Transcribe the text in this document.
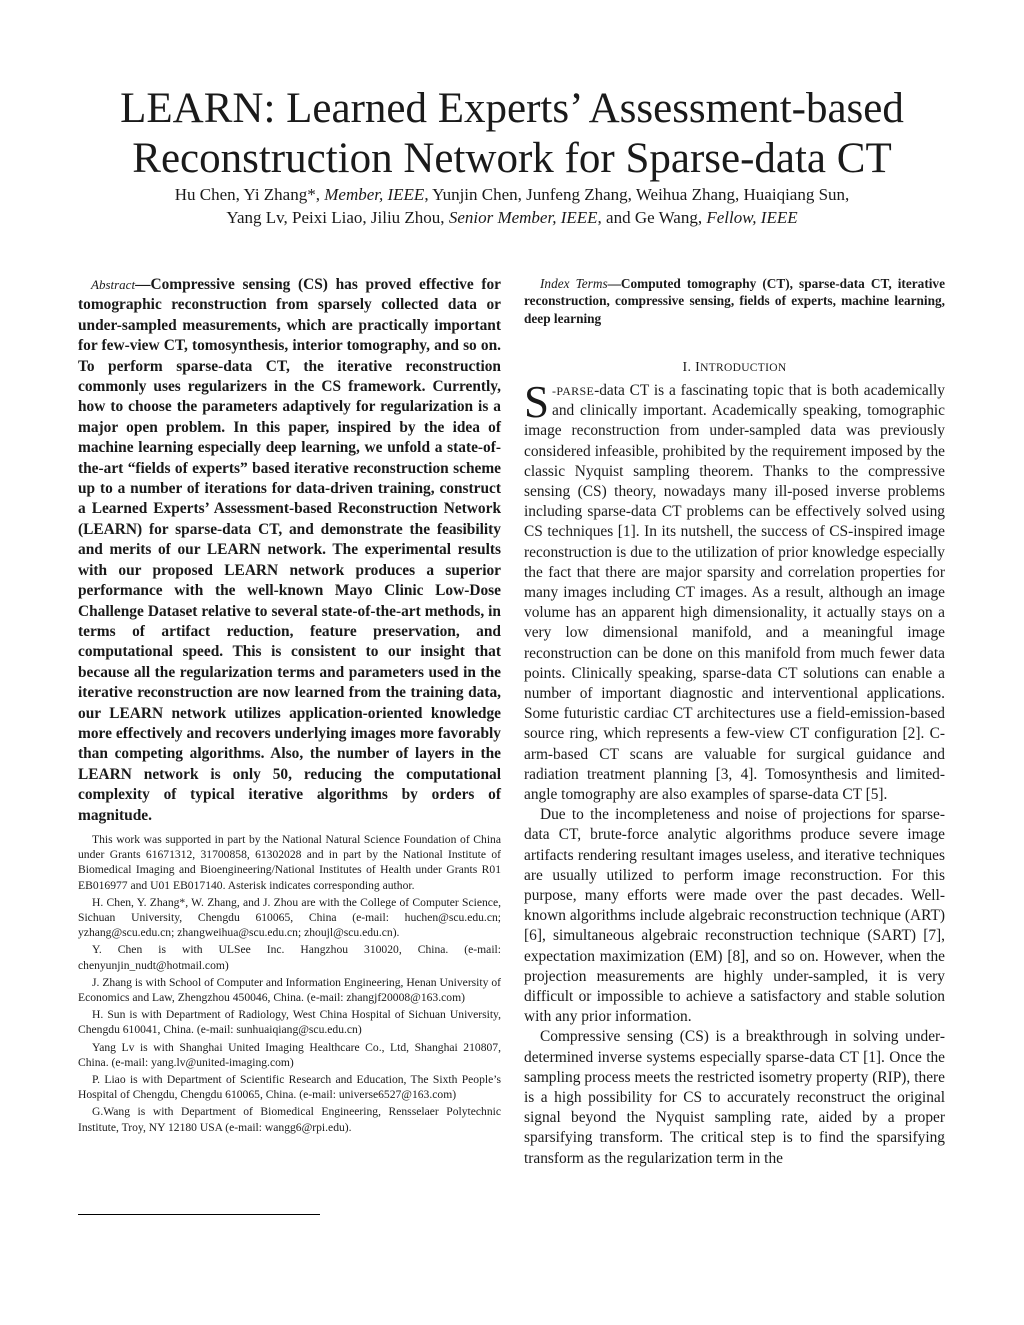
LEARN: Learned Experts’ Assessment-based
Reconstruction Network for Sparse-data CT

Hu Chen, Yi Zhang*, Member, IEEE, Yunjin Chen, Junfeng Zhang, Weihua Zhang, Huaiqiang Sun,

Yang Lv, Peixi Liao, Jiliu Zhou, Senior Member, IEEE, and Ge Wang, Fellow, IEEE

Abstract—Compressive sensing (CS) has proved effective for tomographic reconstruction from sparsely collected data or under-sampled measurements, which are practically important for few-view CT, tomosynthesis, interior tomography, and so on. To perform sparse-data CT, the iterative reconstruction commonly uses regularizers in the CS framework. Currently, how to choose the parameters adaptively for regularization is a major open problem. In this paper, inspired by the idea of machine learning especially deep learning, we unfold a state-of-the-art “fields of experts” based iterative reconstruction scheme up to a number of iterations for data-driven training, construct a Learned Experts’ Assessment-based Reconstruction Network (LEARN) for sparse-data CT, and demonstrate the feasibility and merits of our LEARN network. The experimental results with our proposed LEARN network produces a superior performance with the well-known Mayo Clinic Low-Dose Challenge Dataset relative to several state-of-the-art methods, in terms of artifact reduction, feature preservation, and computational speed. This is consistent to our insight that because all the regularization terms and parameters used in the iterative reconstruction are now learned from the training data, our LEARN network utilizes application-oriented knowledge more effectively and recovers underlying images more favorably than competing algorithms. Also, the number of layers in the LEARN network is only 50, reducing the computational complexity of typical iterative algorithms by orders of magnitude.

This work was supported in part by the National Natural Science Foundation of China under Grants 61671312, 31700858, 61302028 and in part by the National Institute of Biomedical Imaging and Bioengineering/National Institutes of Health under Grants R01 EB016977 and U01 EB017140. Asterisk indicates corresponding author.

H. Chen, Y. Zhang*, W. Zhang, and J. Zhou are with the College of Computer Science, Sichuan University, Chengdu 610065, China (e-mail: huchen@scu.edu.cn; yzhang@scu.edu.cn; zhangweihua@scu.edu.cn; zhoujl@scu.edu.cn).

Y. Chen is with ULSee Inc. Hangzhou 310020, China. (e-mail: chenyunjin_nudt@hotmail.com)

J. Zhang is with School of Computer and Information Engineering, Henan University of Economics and Law, Zhengzhou 450046, China. (e-mail: zhangjf20008@163.com)

H. Sun is with Department of Radiology, West China Hospital of Sichuan University, Chengdu 610041, China. (e-mail: sunhuaiqiang@scu.edu.cn)

Yang Lv is with Shanghai United Imaging Healthcare Co., Ltd, Shanghai 210807, China. (e-mail: yang.lv@united-imaging.com)

P. Liao is with Department of Scientific Research and Education, The Sixth People’s Hospital of Chengdu, Chengdu 610065, China. (e-mail: universe6527@163.com)

G.Wang is with Department of Biomedical Engineering, Rensselaer Polytechnic Institute, Troy, NY 12180 USA (e-mail: wangg6@rpi.edu).

Index Terms—Computed tomography (CT), sparse-data CT, iterative reconstruction, compressive sensing, fields of experts, machine learning, deep learning

I. INTRODUCTION

S -PARSE-data CT is a fascinating topic that is both academically and clinically important. Academically speaking, tomographic image reconstruction from under-sampled data was previously considered infeasible, prohibited by the requirement imposed by the classic Nyquist sampling theorem. Thanks to the compressive sensing (CS) theory, nowadays many ill-posed inverse problems including sparse-data CT problems can be effectively solved using CS techniques [1]. In its nutshell, the success of CS-inspired image reconstruction is due to the utilization of prior knowledge especially the fact that there are major sparsity and correlation properties for many images including CT images. As a result, although an image volume has an apparent high dimensionality, it actually stays on a very low dimensional manifold, and a meaningful image reconstruction can be done on this manifold from much fewer data points. Clinically speaking, sparse-data CT solutions can enable a number of important diagnostic and interventional applications. Some futuristic cardiac CT architectures use a field-emission-based source ring, which represents a few-view CT configuration [2]. C-arm-based CT scans are valuable for surgical guidance and radiation treatment planning [3, 4]. Tomosynthesis and limited-angle tomography are also examples of sparse-data CT [5].

Due to the incompleteness and noise of projections for sparse-data CT, brute-force analytic algorithms produce severe image artifacts rendering resultant images useless, and iterative techniques are usually utilized to perform image reconstruction. For this purpose, many efforts were made over the past decades. Well-known algorithms include algebraic reconstruction technique (ART) [6], simultaneous algebraic reconstruction technique (SART) [7], expectation maximization (EM) [8], and so on. However, when the projection measurements are highly under-sampled, it is very difficult or impossible to achieve a satisfactory and stable solution with any prior information.

Compressive sensing (CS) is a breakthrough in solving under-determined inverse systems especially sparse-data CT [1]. Once the sampling process meets the restricted isometry property (RIP), there is a high possibility for CS to accurately reconstruct the original signal beyond the Nyquist sampling rate, aided by a proper sparsifying transform. The critical step is to find the sparsifying transform as the regularization term in the
